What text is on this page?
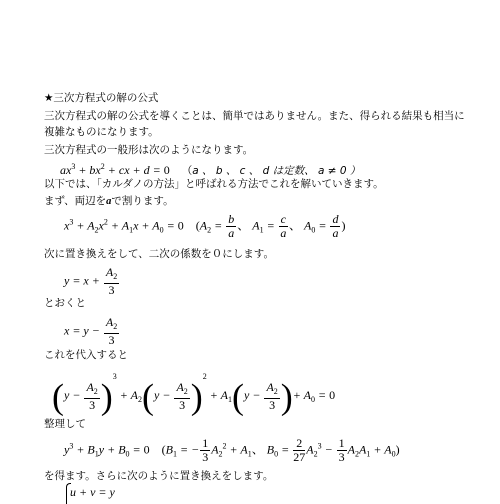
★三次方程式の解の公式
三次方程式の解の公式を導くことは、簡単ではありません。また、得られる結果も相当に
複雑なものになります。
三次方程式の一般形は次のようになります。
$ax^3 + bx^2$ + cx + d = 0 （a 、 b 、 c 、 d は定数、 a ≠ 0 ）
以下では、「カルダノの方法」と呼ばれる方法でこれを解いていきます。
まず、両辺をaで割ります。
$x^3 + A_2x^2 + A_1x + A_0 = 0$ ($A_2 = \frac{b}{a}$ 、 $A_1 = \frac{c}{a}$ 、 $A_0 = \frac{d}{a}$ )
次に置き換えをして、二次の係数を０にします。
$y = x + \frac{A_2}{3}$
とおくと
$x = y - \frac{A_2}{3}$
これを代入すると
$(y - \frac{A_2}{3} )^3 + A_2(y - \frac{A_2}{3} )^2 + A_1(y - \frac{A_2}{3}$ )+ $A_0 = 0$
整理して
$y^3 + B_1y + B_0 = 0$ ($B_1$ = − $\frac{1}{3} A_2^2 + A_1$、 $B_0 = \frac{2}{27} A_2^3 - \frac{1}{3} A_2A_1 + A_0$)
を得ます。さらに次のように置き換えをします。
u + v = y
